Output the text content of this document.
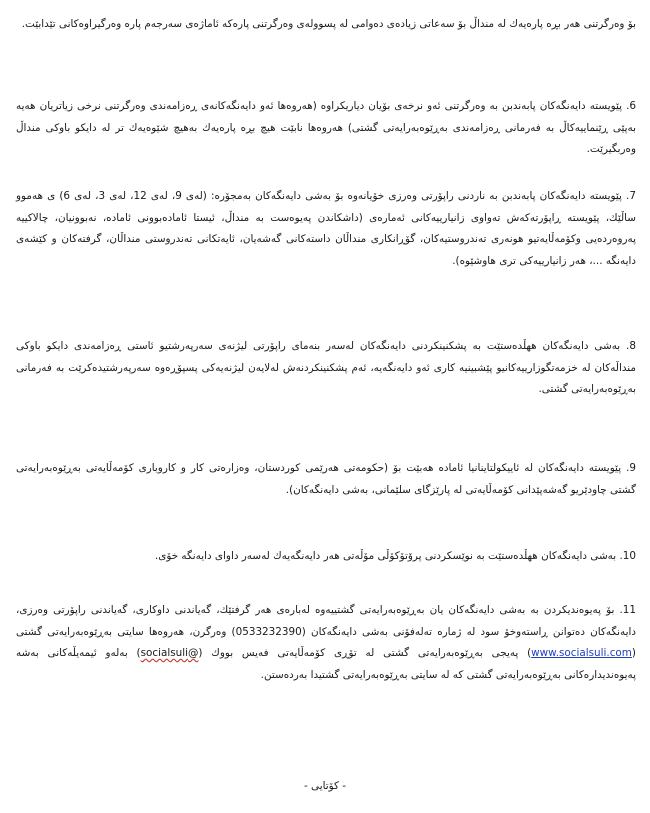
بۆ وەرگرتنی هەر بڕە پارەیەك لە منداڵ بۆ سەعاتی زیادەی دەوامی لە پسوولەی وەرگرتنی پارەکە ئاماژەی سەرجەم پارە وەرگیراوەکانی تێدابێت.

6. پێویستە دایەنگەکان پابەندبن بە وەرگرتنی ئەو نرخەی بۆیان دیاریکراوە (هەروەها ئەو دایەنگەکانەی ڕەزامەندی وەرگرتنی نرخی زیاتریان هەیە بەپێی ڕێنماییەکاڵ بە فەرمانی ڕەزامەندی بەڕێوەبەرایەتی گشتی) هەروەها نابێت هیچ بڕە پارەیەك بەهیچ شێوەیەك تر لە دایکو باوکی منداڵ وەربگیرێت.

7. پێویستە دایەنگەکان پابەندبن بە ناردنی راپۆرتی وەرزی خۆیانەوە بۆ بەشی دایەنگەکان بەمجۆرە: (لەی 9، لەی 12، لەی 3، لەی 6) ی هەموو ساڵێك، پێویستە ڕاپۆرتەکەش تەواوی زانیارییەکانی ئەمارەی (داشکاندن پەیوەست بە منداڵ، ئیستا ئامادەبوونی ئامادە، نەبوونیان، چالاکییە پەروەردەیی وکۆمەڵایەتیو هونەری تەندروستیەکان، گۆڕانکاری منداڵان داستەکانی گەشەیان، ئایەتکانی تەندروستی منداڵان، گرفتەکان و کێشەی دایەنگە ...، هەر زانیارییەکی تری هاوشێوە).

8. بەشی دایەنگەکان ههڵدەستێت بە پشکنینکردنی دایەنگەکان لەسەر بنەمای راپۆرتی لیژنەی سەرپەرشتیو ئاستی ڕەزامەندی دایکو باوکی منداڵەکان لە خزمەتگوزارییەکانیو پێشبینیە کاری ئەو دایەنگەیە، ئەم پشکنینکردنەش لەلایەن لیژنەیەکی پسپۆڕەوە سەرپەرشتیدەکرێت بە فەرمانی بەڕێوەبەرایەتی گشتی.

9. پێویستە دایەنگەکان لە ئاییکولتاینانیا ئامادە هەبێت بۆ (حکومەتی هەرێمی کوردستان، وەزارەتی کار و کاروباری کۆمەڵایەتی بەڕێوەبەرایەتی گشتی چاودێریو گەشەپێدانی کۆمەڵایەتی لە پارێزگای سلێمانی، بەشی دایەنگەکان).

10. بەشی دایەنگەکان ههڵدەستێت بە نوێسکردنی پرۆتۆکۆڵی مۆڵەتی هەر دایەنگەیەك لەسەر داوای دایەنگە خۆی.

11. بۆ پەیوەندیکردن بە بەشی دایەنگەکان یان بەڕێوەبەرایەتی گشتییەوە لەبارەی هەر گرفتێك، گەیاندنی داوکاری، گەیاندنی راپۆرتی وەرزی، دایەنگەکان دەتوانن ڕاستەوخۆ سود لە ژمارە تەلەفۆنی بەشی دایەنگەکان (0533232390) وەرگرن، هەروەها سایتی بەڕێوەبەرایەتی گشتی (www.socialsuli.com) پەیجی بەڕێوەبەرایەتی گشتی لە تۆڕی کۆمەڵایەتی فەیس بووك (@socialsuli) بەلەو ئیمەیڵەکانی بەشە پەیوەندیدارەکانی بەڕێوەبەرایەتی گشتی کە لە سایتی بەڕێوەبەرایەتی گشتیدا بەردەستن.

- کۆتایی -
